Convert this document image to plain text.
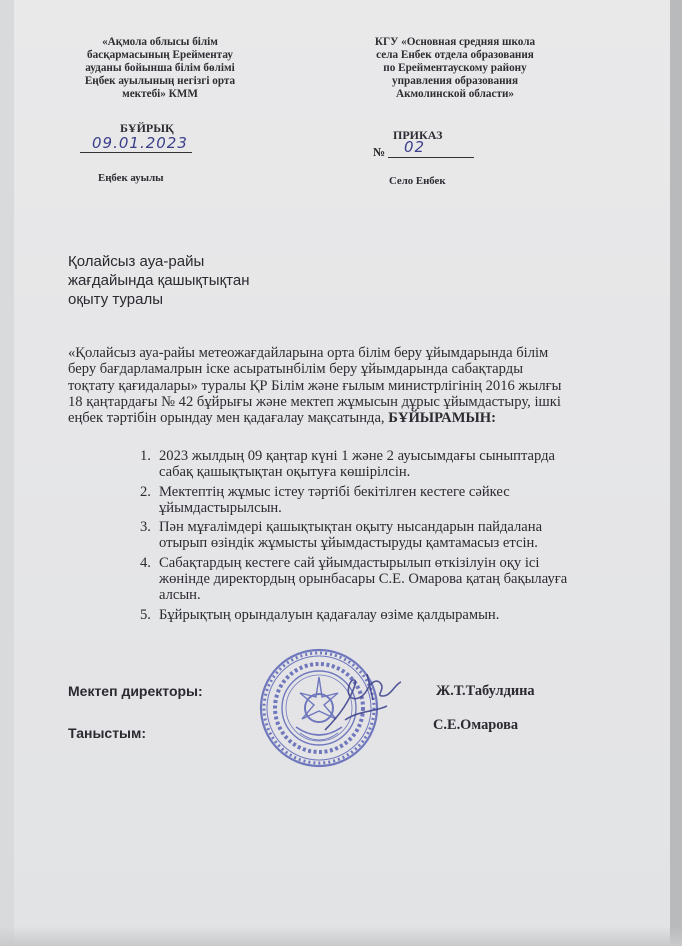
«Ақмола облысы білім
басқармасының Ерейментау
ауданы бойынша білім бөлімі
Еңбек ауылының негізгі орта
мектебі» КММ
КГУ «Основная средняя школа
села Енбек отдела образования
по Ерейментаускому району
управления образования
Акмолинской области»
БҰЙРЫҚ
09.01.2023	ПРИКАЗ
№ 02
Еңбек ауылы	Село Енбек
Қолайсыз ауа-райы
жағдайында қашықтықтан
оқыту туралы
«Қолайсыз ауа-райы метеожағдайларына орта білім беру ұйымдарында білім
беру бағдарламалрын іске асыратынбілім беру ұйымдарында сабақтарды
тоқтату қағидалары» туралы ҚР Білім және ғылым министрлігінің 2016 жылғы
18 қаңтардағы № 42 бұйрығы және мектеп жұмысын дұрыс ұйымдастыру, ішкі
еңбек тәртібін орындау мен қадағалау мақсатында, БҰЙЫРАМЫН:
1. 2023 жылдың 09 қаңтар күні 1 және 2 ауысымдағы сыныптарда
сабақ қашықтықтан оқытуға көшірілсін.
2. Мектептің жұмыс істеу тәртібі бекітілген кестеге сәйкес
ұйымдастырылсын.
3. Пән мұғалімдері қашықтықтан оқыту нысандарын пайдалана
отырып өзіндік жұмысты ұйымдастыруды қамтамасыз етсін.
4. Сабақтардың кестеге сай ұйымдастырылып өткізілуін оқу ісі
жөнінде директордың орынбасары С.Е. Омарова қатаң бақылауға
алсын.
5. Бұйрықтың орындалуын қадағалау өзіме қалдырамын.
Мектеп директоры:	Ж.Т.Табулдина
Таныстым:	С.Е.Омарова
